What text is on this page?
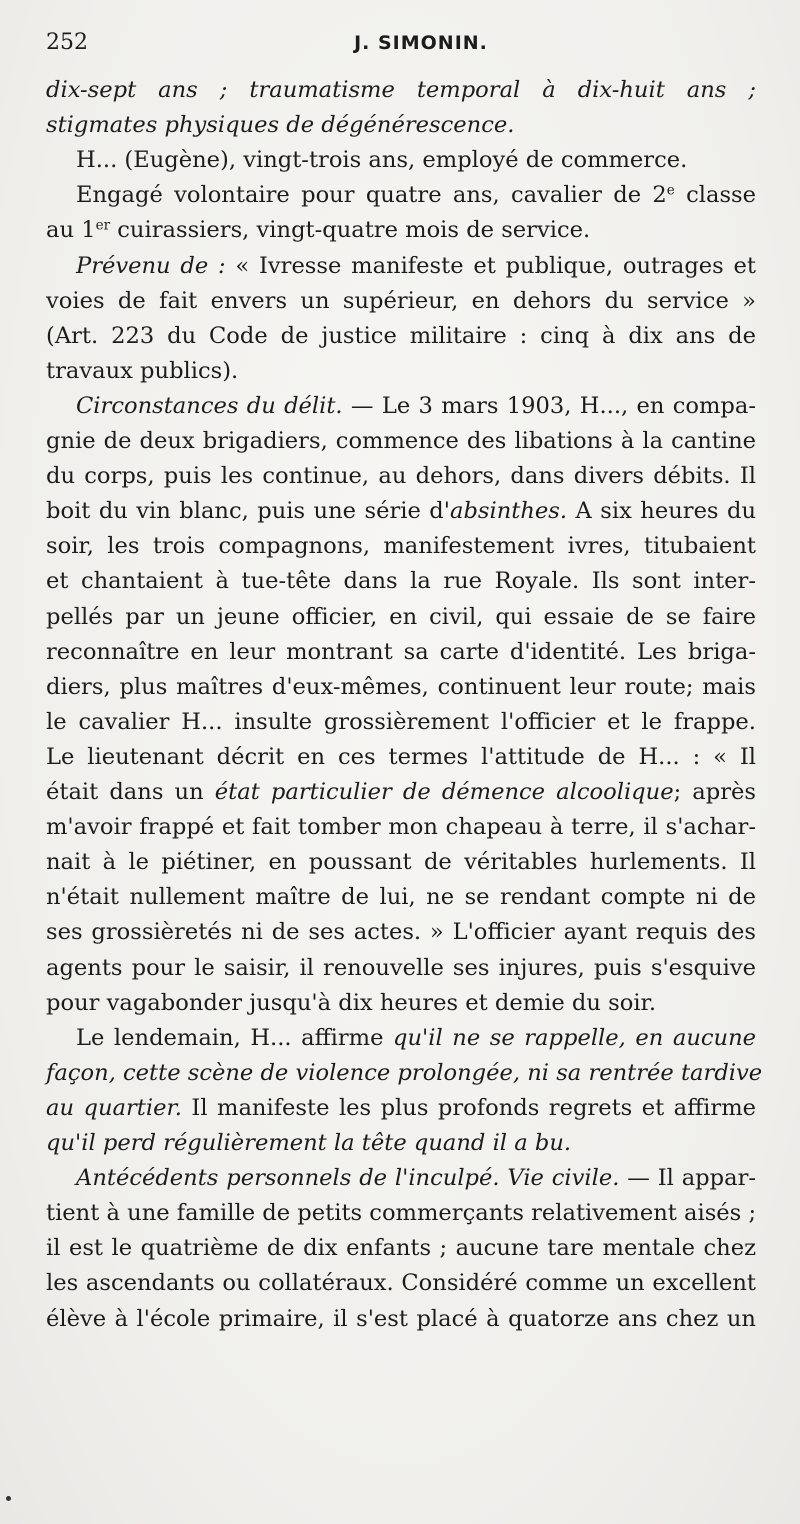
252	J. SIMONIN.
dix-sept ans ; traumatisme temporal à dix-huit ans ;
stigmates physiques de dégénérescence.
H... (Eugène), vingt-trois ans, employé de commerce.
Engagé volontaire pour quatre ans, cavalier de 2e classe
au 1er cuirassiers, vingt-quatre mois de service.
Prévenu de : « Ivresse manifeste et publique, outrages et
voies de fait envers un supérieur, en dehors du service »
(Art. 223 du Code de justice militaire : cinq à dix ans de
travaux publics).
Circonstances du délit. — Le 3 mars 1903, H..., en compa-
gnie de deux brigadiers, commence des libations à la cantine
du corps, puis les continue, au dehors, dans divers débits. Il
boit du vin blanc, puis une série d'absinthes. A six heures du
soir, les trois compagnons, manifestement ivres, titubaient
et chantaient à tue-tête dans la rue Royale. Ils sont inter-
pellés par un jeune officier, en civil, qui essaie de se faire
reconnaître en leur montrant sa carte d'identité. Les briga-
diers, plus maîtres d'eux-mêmes, continuent leur route; mais
le cavalier H... insulte grossièrement l'officier et le frappe.
Le lieutenant décrit en ces termes l'attitude de H... : « Il
était dans un état particulier de démence alcoolique; après
m'avoir frappé et fait tomber mon chapeau à terre, il s'achar-
nait à le piétiner, en poussant de véritables hurlements. Il
n'était nullement maître de lui, ne se rendant compte ni de
ses grossièretés ni de ses actes. » L'officier ayant requis des
agents pour le saisir, il renouvelle ses injures, puis s'esquive
pour vagabonder jusqu'à dix heures et demie du soir.
Le lendemain, H... affirme qu'il ne se rappelle, en aucune
façon, cette scène de violence prolongée, ni sa rentrée tardive
au quartier. Il manifeste les plus profonds regrets et affirme
qu'il perd régulièrement la tête quand il a bu.
Antécédents personnels de l'inculpé. Vie civile. — Il appar-
tient à une famille de petits commerçants relativement aisés ;
il est le quatrième de dix enfants ; aucune tare mentale chez
les ascendants ou collatéraux. Considéré comme un excellent
élève à l'école primaire, il s'est placé à quatorze ans chez un
